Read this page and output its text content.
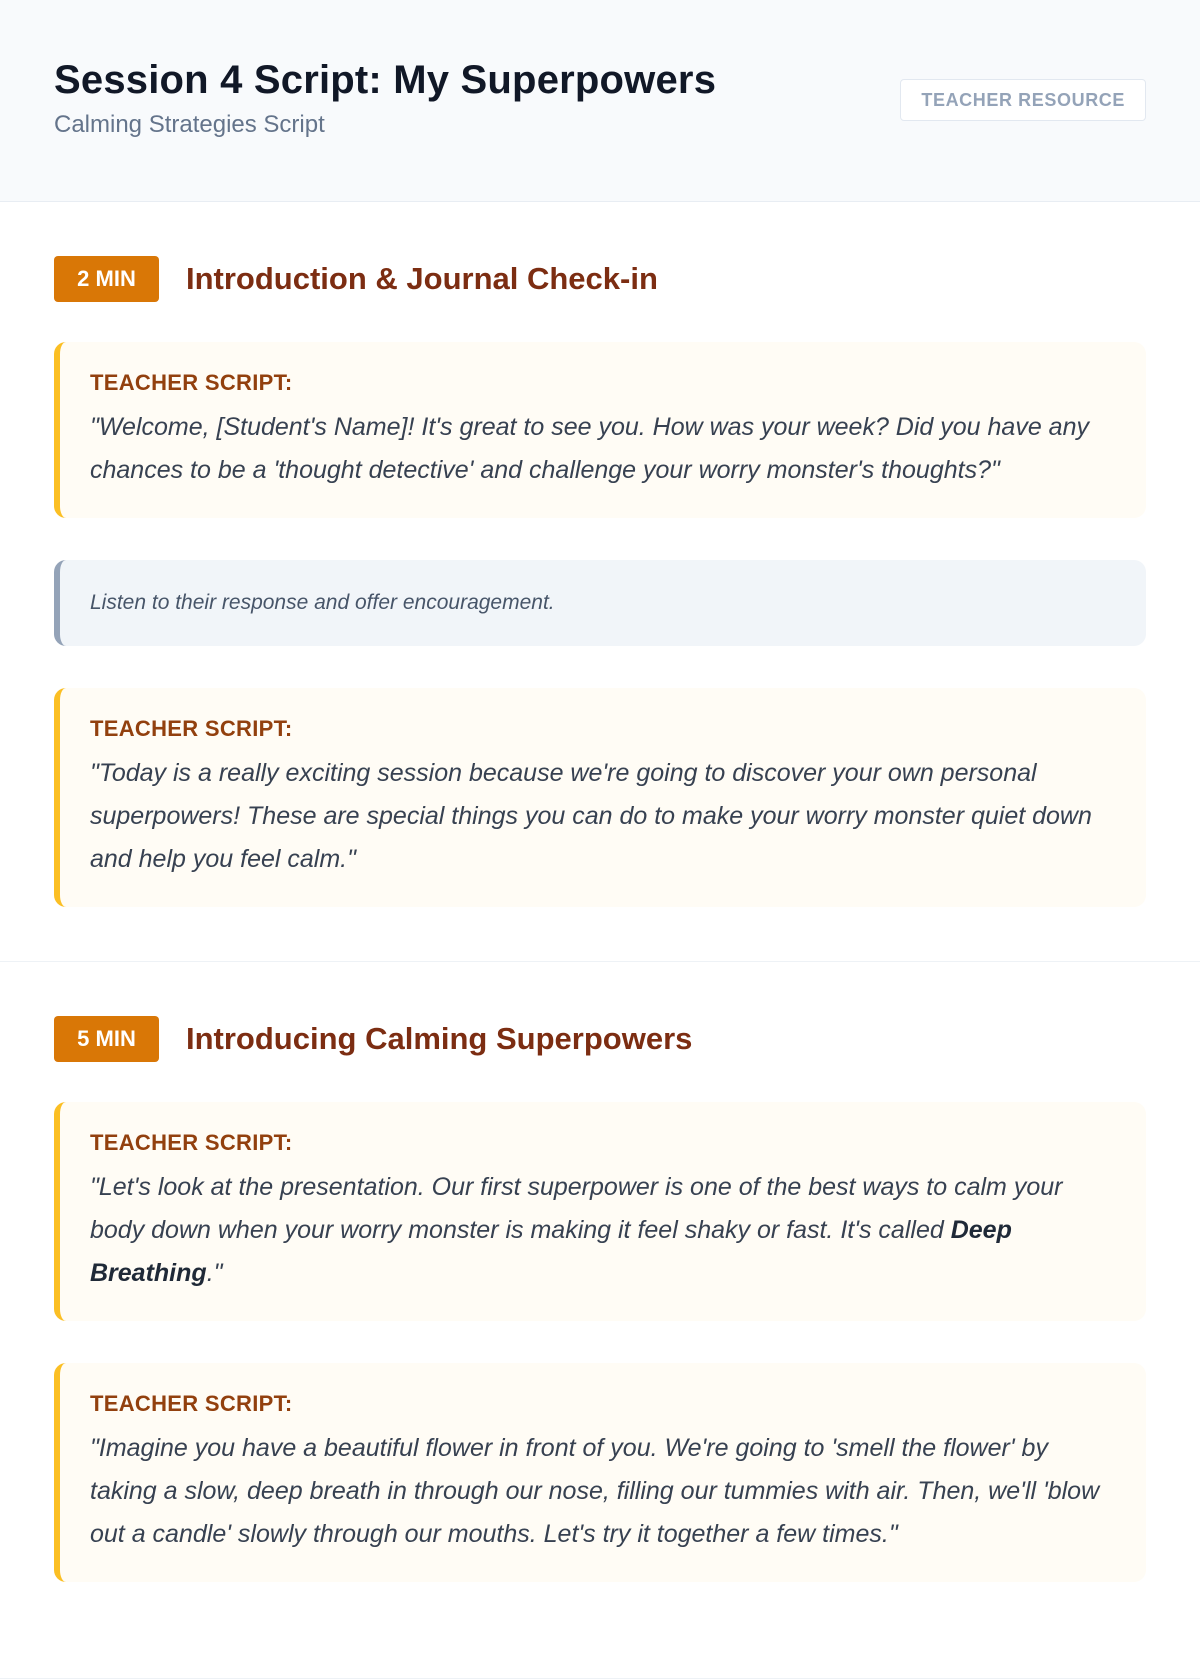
Session 4 Script: My Superpowers
Calming Strategies Script
TEACHER RESOURCE
2 MIN	Introduction & Journal Check-in
TEACHER SCRIPT:

"Welcome, [Student's Name]! It's great to see you. How was your week? Did you have any chances to be a 'thought detective' and challenge your worry monster's thoughts?"

Listen to their response and offer encouragement.
TEACHER SCRIPT:

"Today is a really exciting session because we're going to discover your own personal superpowers! These are special things you can do to make your worry monster quiet down and help you feel calm."

5 MIN	Introducing Calming Superpowers
TEACHER SCRIPT:

"Let's look at the presentation. Our first superpower is one of the best ways to calm your body down when your worry monster is making it feel shaky or fast. It's called Deep Breathing."

TEACHER SCRIPT:

"Imagine you have a beautiful flower in front of you. We're going to 'smell the flower' by taking a slow, deep breath in through our nose, filling our tummies with air. Then, we'll 'blow out a candle' slowly through our mouths. Let's try it together a few times."
